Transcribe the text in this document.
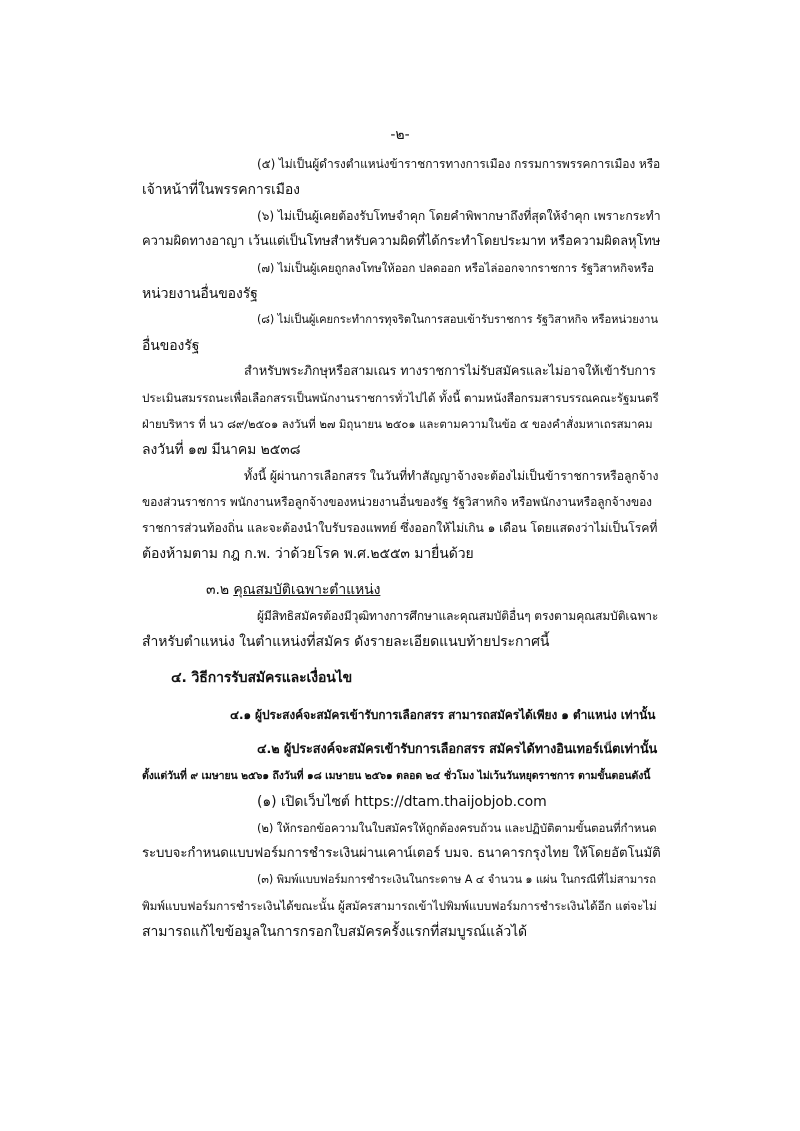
-๒-
(๕) ไม่เป็นผู้ดำรงตำแหน่งข้าราชการทางการเมือง กรรมการพรรคการเมือง หรือ
เจ้าหน้าที่ในพรรคการเมือง
(๖) ไม่เป็นผู้เคยต้องรับโทษจำคุก โดยคำพิพากษาถึงที่สุดให้จำคุก เพราะกระทำ
ความผิดทางอาญา เว้นแต่เป็นโทษสำหรับความผิดที่ได้กระทำโดยประมาท หรือความผิดลหุโทษ
(๗) ไม่เป็นผู้เคยถูกลงโทษให้ออก ปลดออก หรือไล่ออกจากราชการ รัฐวิสาหกิจหรือ
หน่วยงานอื่นของรัฐ
(๘) ไม่เป็นผู้เคยกระทำการทุจริตในการสอบเข้ารับราชการ รัฐวิสาหกิจ หรือหน่วยงาน
อื่นของรัฐ
สำหรับพระภิกษุหรือสามเณร ทางราชการไม่รับสมัครและไม่อาจให้เข้ารับการ
ประเมินสมรรถนะเพื่อเลือกสรรเป็นพนักงานราชการทั่วไปได้ ทั้งนี้ ตามหนังสือกรมสารบรรณคณะรัฐมนตรี
ฝ่ายบริหาร ที่ นว ๘๙/๒๕๐๑ ลงวันที่ ๒๗ มิถุนายน ๒๕๐๑ และตามความในข้อ ๕ ของคำสั่งมหาเถรสมาคม
ลงวันที่ ๑๗ มีนาคม ๒๕๓๘
ทั้งนี้ ผู้ผ่านการเลือกสรร ในวันที่ทำสัญญาจ้างจะต้องไม่เป็นข้าราชการหรือลูกจ้าง
ของส่วนราชการ พนักงานหรือลูกจ้างของหน่วยงานอื่นของรัฐ รัฐวิสาหกิจ หรือพนักงานหรือลูกจ้างของ
ราชการส่วนท้องถิ่น และจะต้องนำใบรับรองแพทย์ ซึ่งออกให้ไม่เกิน ๑ เดือน โดยแสดงว่าไม่เป็นโรคที่
ต้องห้ามตาม กฎ ก.พ. ว่าด้วยโรค พ.ศ.๒๕๕๓ มายื่นด้วย
๓.๒ คุณสมบัติเฉพาะตำแหน่ง
ผู้มีสิทธิสมัครต้องมีวุฒิทางการศึกษาและคุณสมบัติอื่นๆ ตรงตามคุณสมบัติเฉพาะ
สำหรับตำแหน่ง ในตำแหน่งที่สมัคร ดังรายละเอียดแนบท้ายประกาศนี้
๔. วิธีการรับสมัครและเงื่อนไข
๔.๑ ผู้ประสงค์จะสมัครเข้ารับการเลือกสรร สามารถสมัครได้เพียง ๑ ตำแหน่ง เท่านั้น
๔.๒ ผู้ประสงค์จะสมัครเข้ารับการเลือกสรร สมัครได้ทางอินเทอร์เน็ตเท่านั้น
ตั้งแต่วันที่ ๙ เมษายน ๒๕๖๑ ถึงวันที่ ๑๘ เมษายน ๒๕๖๑ ตลอด ๒๔ ชั่วโมง ไม่เว้นวันหยุดราชการ ตามขั้นตอนดังนี้
(๑) เปิดเว็บไซต์ https://dtam.thaijobjob.com
(๒) ให้กรอกข้อความในใบสมัครให้ถูกต้องครบถ้วน และปฏิบัติตามขั้นตอนที่กำหนด
ระบบจะกำหนดแบบฟอร์มการชำระเงินผ่านเคาน์เตอร์ บมจ. ธนาคารกรุงไทย ให้โดยอัตโนมัติ
(๓) พิมพ์แบบฟอร์มการชำระเงินในกระดาษ A ๔ จำนวน ๑ แผ่น ในกรณีที่ไม่สามารถ
พิมพ์แบบฟอร์มการชำระเงินได้ขณะนั้น ผู้สมัครสามารถเข้าไปพิมพ์แบบฟอร์มการชำระเงินได้อีก แต่จะไม่
สามารถแก้ไขข้อมูลในการกรอกใบสมัครครั้งแรกที่สมบูรณ์แล้วได้
